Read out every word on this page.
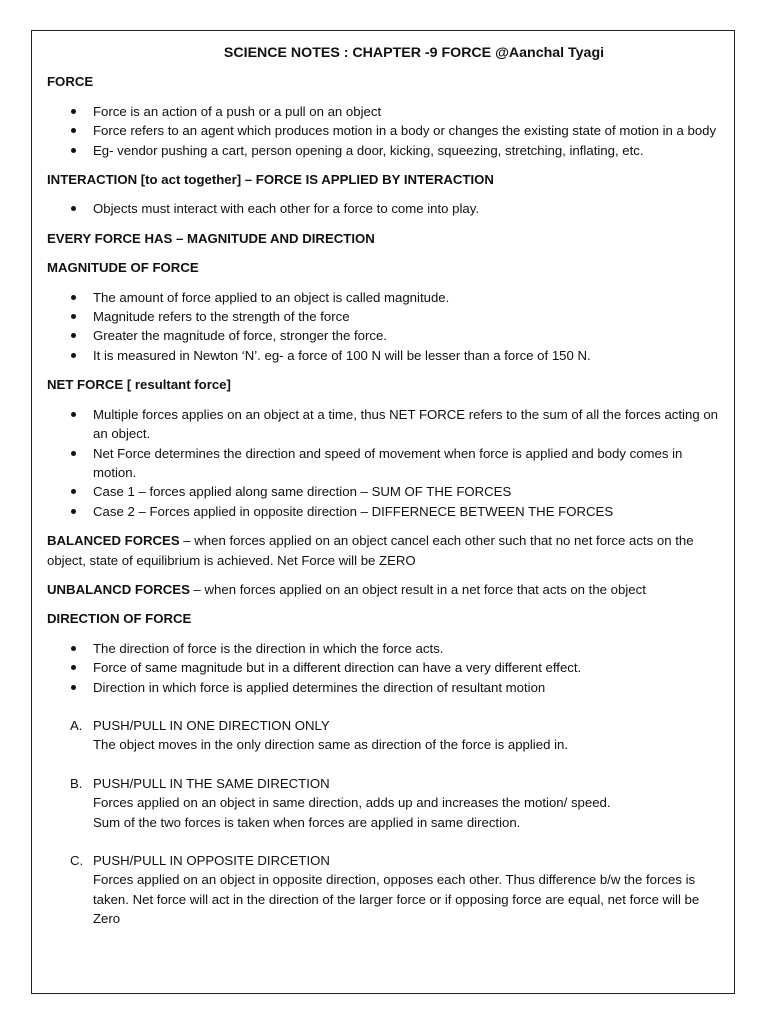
SCIENCE NOTES : CHAPTER -9 FORCE @Aanchal Tyagi
FORCE
Force is an action of a push or a pull on an object
Force refers to an agent which produces motion in a body or changes the existing state of motion in a body
Eg- vendor pushing a cart, person opening a door, kicking, squeezing, stretching, inflating, etc.
INTERACTION [to act together] – FORCE IS APPLIED BY INTERACTION
Objects must interact with each other for a force to come into play.
EVERY FORCE HAS – MAGNITUDE AND DIRECTION
MAGNITUDE OF FORCE
The amount of force applied to an object is called magnitude.
Magnitude refers to the strength of the force
Greater the magnitude of force, stronger the force.
It is measured in Newton ‘N’. eg- a force of 100 N will be lesser than a force of 150 N.
NET FORCE [ resultant force]
Multiple forces applies on an object at a time, thus NET FORCE refers to the sum of all the forces acting on an object.
Net Force determines the direction and speed of movement when force is applied and body comes in motion.
Case 1 – forces applied along same direction – SUM OF THE FORCES
Case 2 – Forces applied in opposite direction – DIFFERNECE BETWEEN THE FORCES
BALANCED FORCES – when forces applied on an object cancel each other such that no net force acts on the object, state of equilibrium is achieved. Net Force will be ZERO
UNBALANCD FORCES – when forces applied on an object result in a net force that acts on the object
DIRECTION OF FORCE
The direction of force is the direction in which the force acts.
Force of same magnitude but in a different direction can have a very different effect.
Direction in which force is applied determines the direction of resultant motion
A. PUSH/PULL IN ONE DIRECTION ONLY
The object moves in the only direction same as direction of the force is applied in.
B. PUSH/PULL IN THE SAME DIRECTION
Forces applied on an object in same direction, adds up and increases the motion/ speed.
Sum of the two forces is taken when forces are applied in same direction.
C. PUSH/PULL IN OPPOSITE DIRCETION
Forces applied on an object in opposite direction, opposes each other. Thus difference b/w the forces is taken. Net force will act in the direction of the larger force or if opposing force are equal, net force will be Zero
